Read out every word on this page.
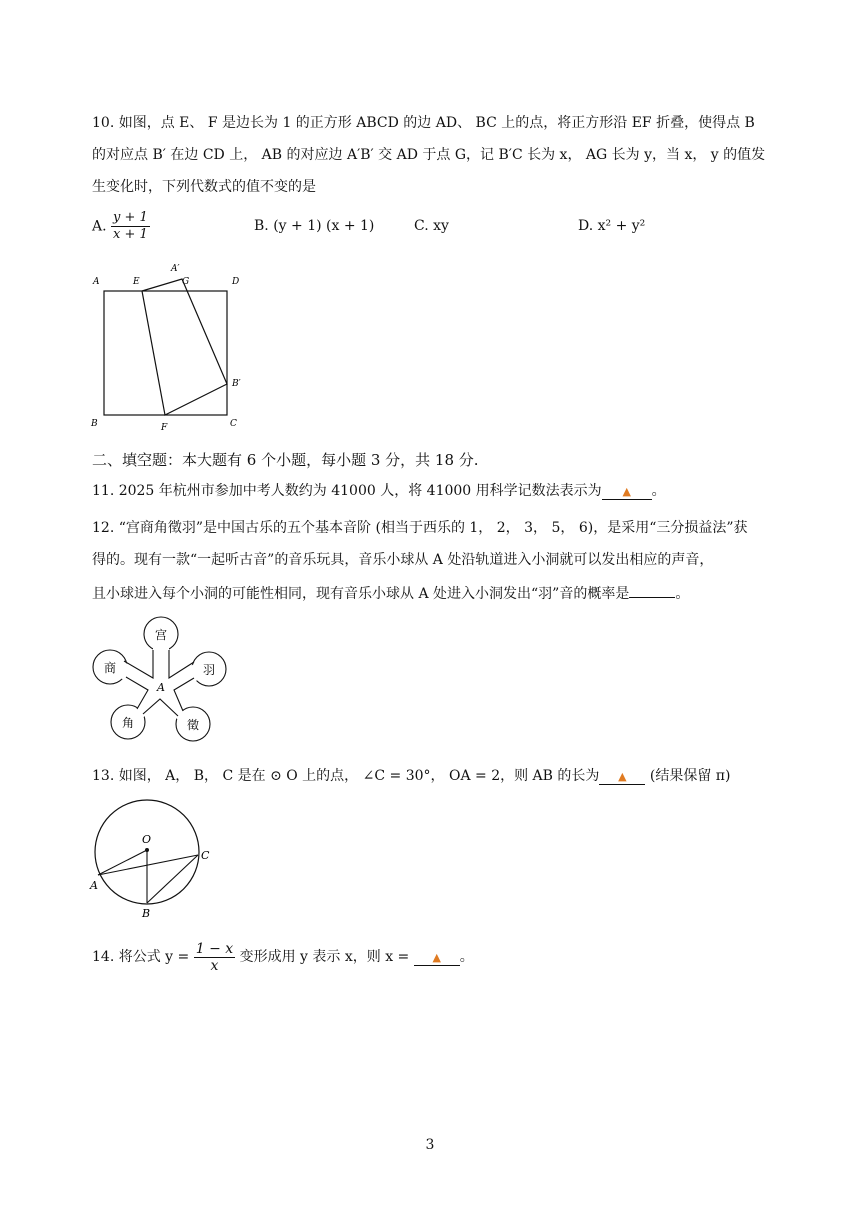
10. 如图，点 E、 F 是边长为 1 的正方形 ABCD 的边 AD、 BC 上的点，将正方形沿 EF 折叠，使得点 B
的对应点 B′ 在边 CD 上， AB 的对应边 A′B′ 交 AD 于点 G，记 B′C 长为 x， AG 长为 y，当 x， y 的值发
生变化时，下列代数式的值不变的是
A. $\frac{y + 1}{x + 1}$	B. (y + 1) (x + 1)	C. xy	D. x² + y²
A	E
A′
G	D
B′
B	F	C
二、填空题：本大题有 6 个小题，每小题 3 分，共 18 分.
11. 2025 年杭州市参加中考人数约为 41000 人，将 41000 用科学记数法表示为 ▲ 。
12. “宫商角徵羽”是中国古乐的五个基本音阶 (相当于西乐的 1， 2， 3， 5， 6)，是采用“三分损益法”获
得的。现有一款“一起听古音”的音乐玩具，音乐小球从 A 处沿轨道进入小洞就可以发出相应的声音，
且小球进入每个小洞的可能性相同，现有音乐小球从 A 处进入小洞发出“羽”音的概率是	。
宫
商	羽
角	徵
A
13. 如图， A， B， C 是在 ⊙ O 上的点， ∠C = 30°， OA = 2，则 AB 的长为 ▲ (结果保留 π)
O
A
B
C
14. 将公式 $y = \frac{1 - x}{x}$ 变形成用 y 表示 x，则 x = ▲ 。
3
